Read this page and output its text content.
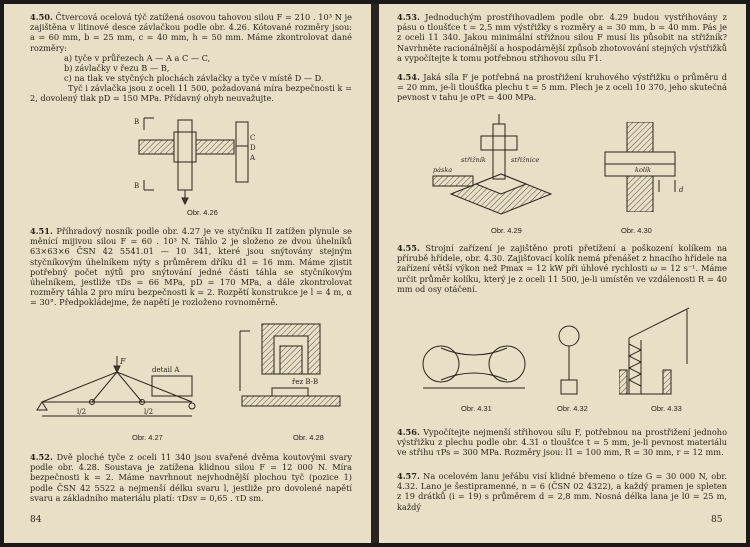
4.50. Čtvercová ocelová týč zatížená osovou tahovou silou F = 210 . 10³ N je zajištěna v litinové desce závlačkou podle obr. 4.26. Kótované rozměry jsou: a = 60 mm, b = 25 mm, c = 40 mm, h = 50 mm. Máme zkontrolovat dané rozměry:
a) tyče v průřezech A — A a C — C,
b) závlačky v řezu B — B,
c) na tlak ve styčných plochách závlačky a tyče v místě D — D.
Tyč i závlačka jsou z oceli 11 500, požadovaná míra bezpečnosti k = 2, dovolený tlak pD = 150 MPa. Přídavný ohyb neuvažujte.
B
B
C
D
A
Obr. 4.26
4.51. Příhradový nosník podle obr. 4.27 je ve styčníku II zatížen plynule se měnící mijivou silou F = 60 . 10³ N. Táhlo 2 je složeno ze dvou úhelníků 63×63×6 ČSN 42 5541.01 — 10 341, které jsou snýtovány stejným styčníkovým úhelníkem nýty s průměrem dříku d1 = 16 mm. Máme zjistit potřebný počet nýtů pro snýtování jedné části táhla se styčníkovým úhelníkem, jestliže τDs = 66 MPa, pD = 170 MPa, a dále zkontrolovat rozměry táhla 2 pro míru bezpečnosti k = 2. Rozpětí konstrukce je l = 4 m, α = 30°. Předpokládejme, že napětí je rozloženo rovnoměrně.
l/2	l/2
F
detail A
Obr. 4.27
řez B-B
Obr. 4.28
4.52. Dvě ploché tyče z oceli 11 340 jsou svařené dvěma koutovými svary podle obr. 4.28. Soustava je zatížena klidnou silou F = 12 000 N. Míra bezpečnosti k = 2. Máme navrhnout nejvhodnější plochou tyč (pozice 1) podle ČSN 42 5522 a nejmenší délku svaru l, jestliže pro dovolené napětí svaru a základního materiálu platí: τDsv = 0,65 . τD sm.
84
4.53. Jednoduchým prostřihovadlem podle obr. 4.29 budou vystřihovány z pásu o tloušťce t = 2,5 mm výstřižky s rozměry a = 30 mm, b = 40 mm. Pás je z oceli 11 340. Jakou minimální střižnou silou F musí lis působit na střižník? Navrhněte racionálnější a hospodárnější způsob zhotovování stejných výstřižků a vypočítejte k tomu potřebnou střihovou sílu F1.
4.54. Jaká síla F je potřebná na prostřižení kruhového výstřižku o průměru d = 20 mm, je-li tloušťka plechu t = 5 mm. Plech je z oceli 10 370, jeho skutečná pevnost v tahu je σPt = 400 MPa.
střižník	střižnice
páska
Obr. 4.29
kolík
d
Obr. 4.30
4.55. Strojní zařízení je zajištěno proti přetížení a poškození kolíkem na přírubě hřídele, obr. 4.30. Zajišťovací kolík nemá přenášet z hnacího hřídele na zařízení větší výkon než Pmax = 12 kW při úhlové rychlosti ω = 12 s⁻¹. Máme určit průměr kolíku, který je z oceli 11 500, je-li umístěn ve vzdálenosti R = 40 mm od osy otáčení.
Obr. 4.31	Obr. 4.32	Obr. 4.33
4.56. Vypočítejte nejmenší střihovou sílu F, potřebnou na prostřižení jednoho výstřižku z plechu podle obr. 4.31 o tloušťce t = 5 mm, je-li pevnost materiálu ve střihu τPs = 300 MPa. Rozměry jsou: l1 = 100 mm, R = 30 mm, r = 12 mm.
4.57. Na ocelovém lanu jeřábu visí klidné břemeno o tíze G = 30 000 N, obr. 4.32. Lano je šestipramenné, n = 6 (ČSN 02 4322), a každý pramen je spleten z 19 drátků (i = 19) s průměrem d = 2,8 mm. Nosná délka lana je l0 = 25 m, každý
85
